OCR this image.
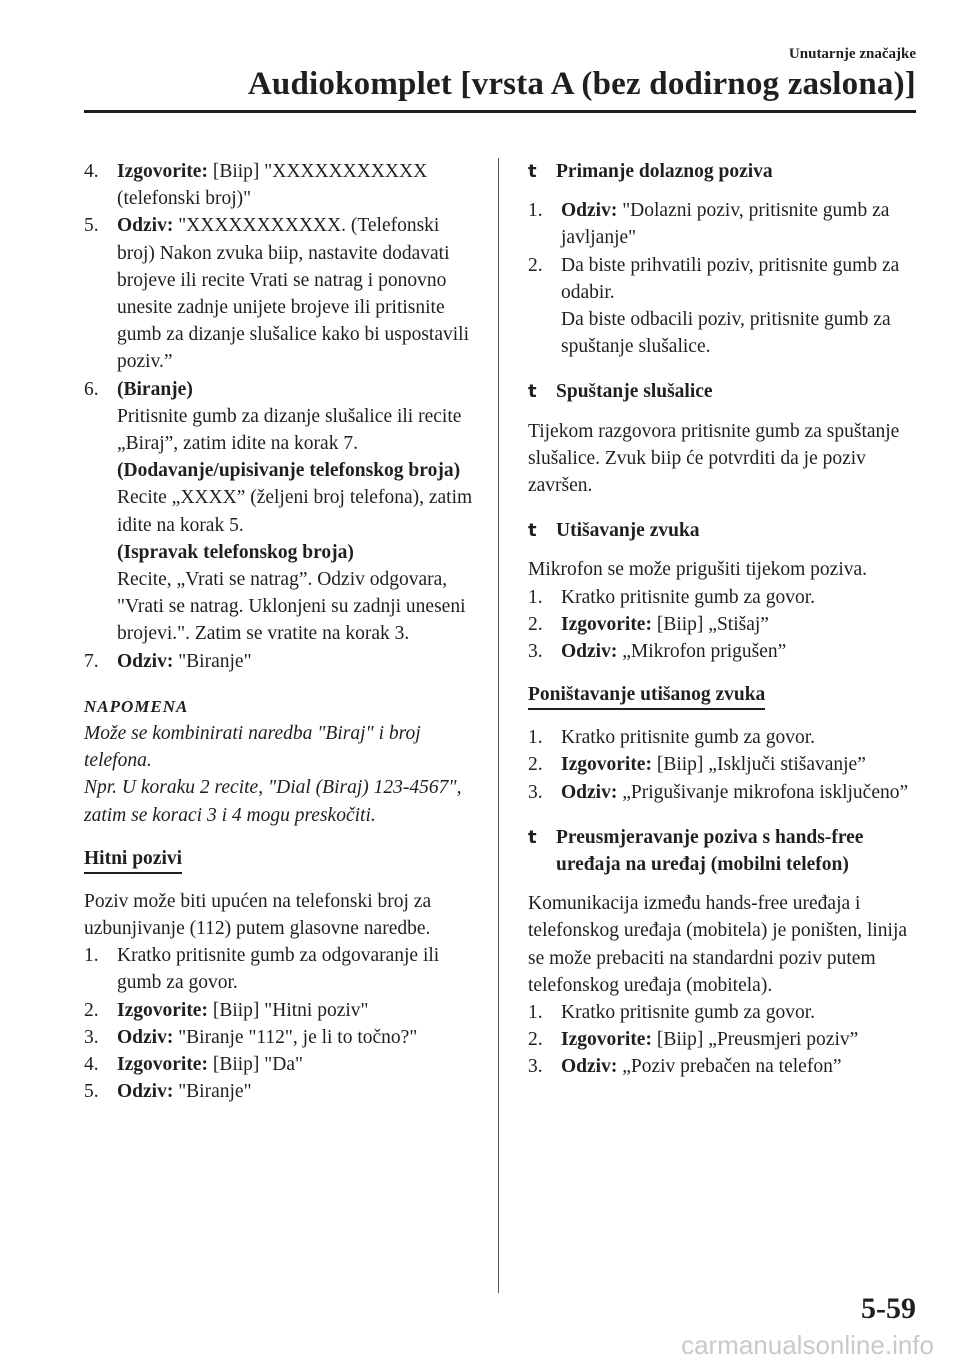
Unutarnje značajke
Audiokomplet [vrsta A (bez dodirnog zaslona)]
4. Izgovorite: [Biip] "XXXXXXXXXXX (telefonski broj)"
5. Odziv: "XXXXXXXXXXX. (Telefonski broj) Nakon zvuka biip, nastavite dodavati brojeve ili recite Vrati se natrag i ponovno unesite zadnje unijete brojeve ili pritisnite gumb za dizanje slušalice kako bi uspostavili poziv.”
6. (Biranje)
Pritisnite gumb za dizanje slušalice ili recite „Biraj”, zatim idite na korak 7.
(Dodavanje/upisivanje telefonskog broja)
Recite „XXXX” (željeni broj telefona), zatim idite na korak 5.
(Ispravak telefonskog broja)
Recite, „Vrati se natrag”. Odziv odgovara, "Vrati se natrag. Uklonjeni su zadnji uneseni brojevi.". Zatim se vratite na korak 3.
7. Odziv: "Biranje"
NAPOMENA
Može se kombinirati naredba "Biraj" i broj telefona.
Npr. U koraku 2 recite, "Dial (Biraj) 123-4567", zatim se koraci 3 i 4 mogu preskočiti.
Hitni pozivi
Poziv može biti upućen na telefonski broj za uzbunjivanje (112) putem glasovne naredbe.
1. Kratko pritisnite gumb za odgovaranje ili gumb za govor.
2. Izgovorite: [Biip] "Hitni poziv"
3. Odziv: "Biranje "112", je li to točno?"
4. Izgovorite: [Biip] "Da"
5. Odziv: "Biranje"
t Primanje dolaznog poziva
1. Odziv: "Dolazni poziv, pritisnite gumb za javljanje"
2. Da biste prihvatili poziv, pritisnite gumb za odabir.
Da biste odbacili poziv, pritisnite gumb za spuštanje slušalice.
t Spuštanje slušalice
Tijekom razgovora pritisnite gumb za spuštanje slušalice. Zvuk biip će potvrditi da je poziv završen.
t Utišavanje zvuka
Mikrofon se može prigušiti tijekom poziva.
1. Kratko pritisnite gumb za govor.
2. Izgovorite: [Biip] „Stišaj”
3. Odziv: „Mikrofon prigušen”
Poništavanje utišanog zvuka
1. Kratko pritisnite gumb za govor.
2. Izgovorite: [Biip] „Isključi stišavanje”
3. Odziv: „Prigušivanje mikrofona isključeno”
t Preusmjeravanje poziva s hands-free uređaja na uređaj (mobilni telefon)
Komunikacija između hands-free uređaja i telefonskog uređaja (mobitela) je poništen, linija se može prebaciti na standardni poziv putem telefonskog uređaja (mobitela).
1. Kratko pritisnite gumb za govor.
2. Izgovorite: [Biip] „Preusmjeri poziv”
3. Odziv: „Poziv prebačen na telefon”
5-59
carmanualsonline.info
